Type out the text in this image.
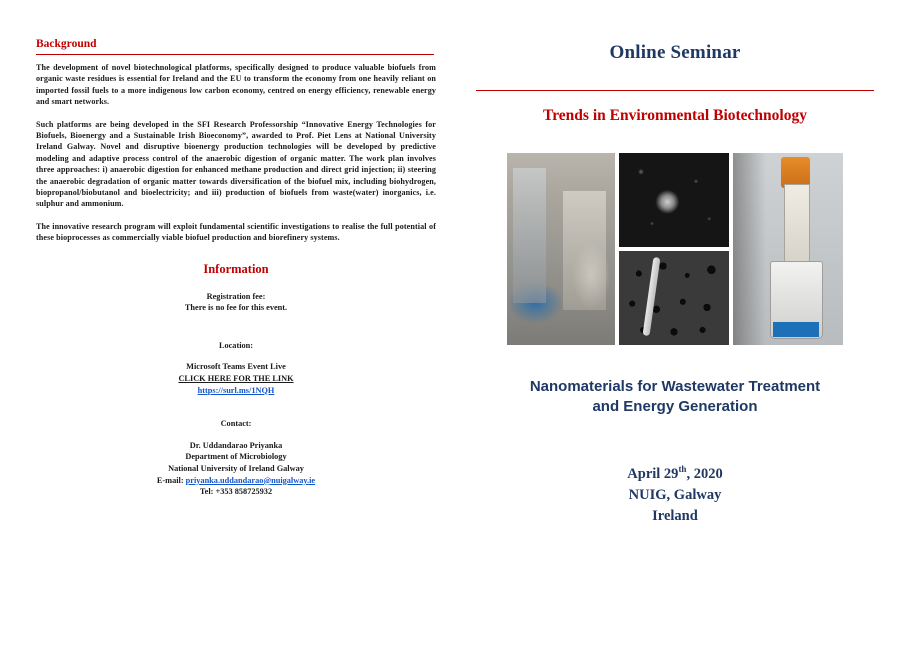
Background

The development of novel biotechnological platforms, specifically designed to produce valuable biofuels from organic waste residues is essential for Ireland and the EU to transform the economy from one heavily reliant on imported fossil fuels to a more indigenous low carbon economy, centred on energy efficiency, renewable energy and smart networks.

Such platforms are being developed in the SFI Research Professorship “Innovative Energy Technologies for Biofuels, Bioenergy and a Sustainable Irish Bioeconomy”, awarded to Prof. Piet Lens at National University Ireland Galway. Novel and disruptive bioenergy production technologies will be developed by predictive modeling and adaptive process control of the anaerobic digestion of organic matter. The work plan involves three approaches: i) anaerobic digestion for enhanced methane production and direct grid injection; ii) steering the anaerobic degradation of organic matter towards diversification of the biofuel mix, including biohydrogen, biopropanol/biobutanol and bioelectricity; and iii) production of biofuels from waste(water) inorganics, i.e. sulphur and ammonium.

The innovative research program will exploit fundamental scientific investigations to realise the full potential of these bioprocesses as commercially viable biofuel production and biorefinery systems.

Information
Registration fee:
There is no fee for this event.
Location:
Microsoft Teams Event Live
CLICK HERE FOR THE LINK
https://surl.ms/1NQH
Contact:
Dr. Uddandarao Priyanka
Department of Microbiology
National University of Ireland Galway
E-mail: priyanka.uddandarao@nuigalway.ie
Tel: +353 858725932
Online Seminar
Trends in Environmental Biotechnology
Nanomaterials for Wastewater Treatment
and Energy Generation
April 29th, 2020
NUIG, Galway
Ireland
